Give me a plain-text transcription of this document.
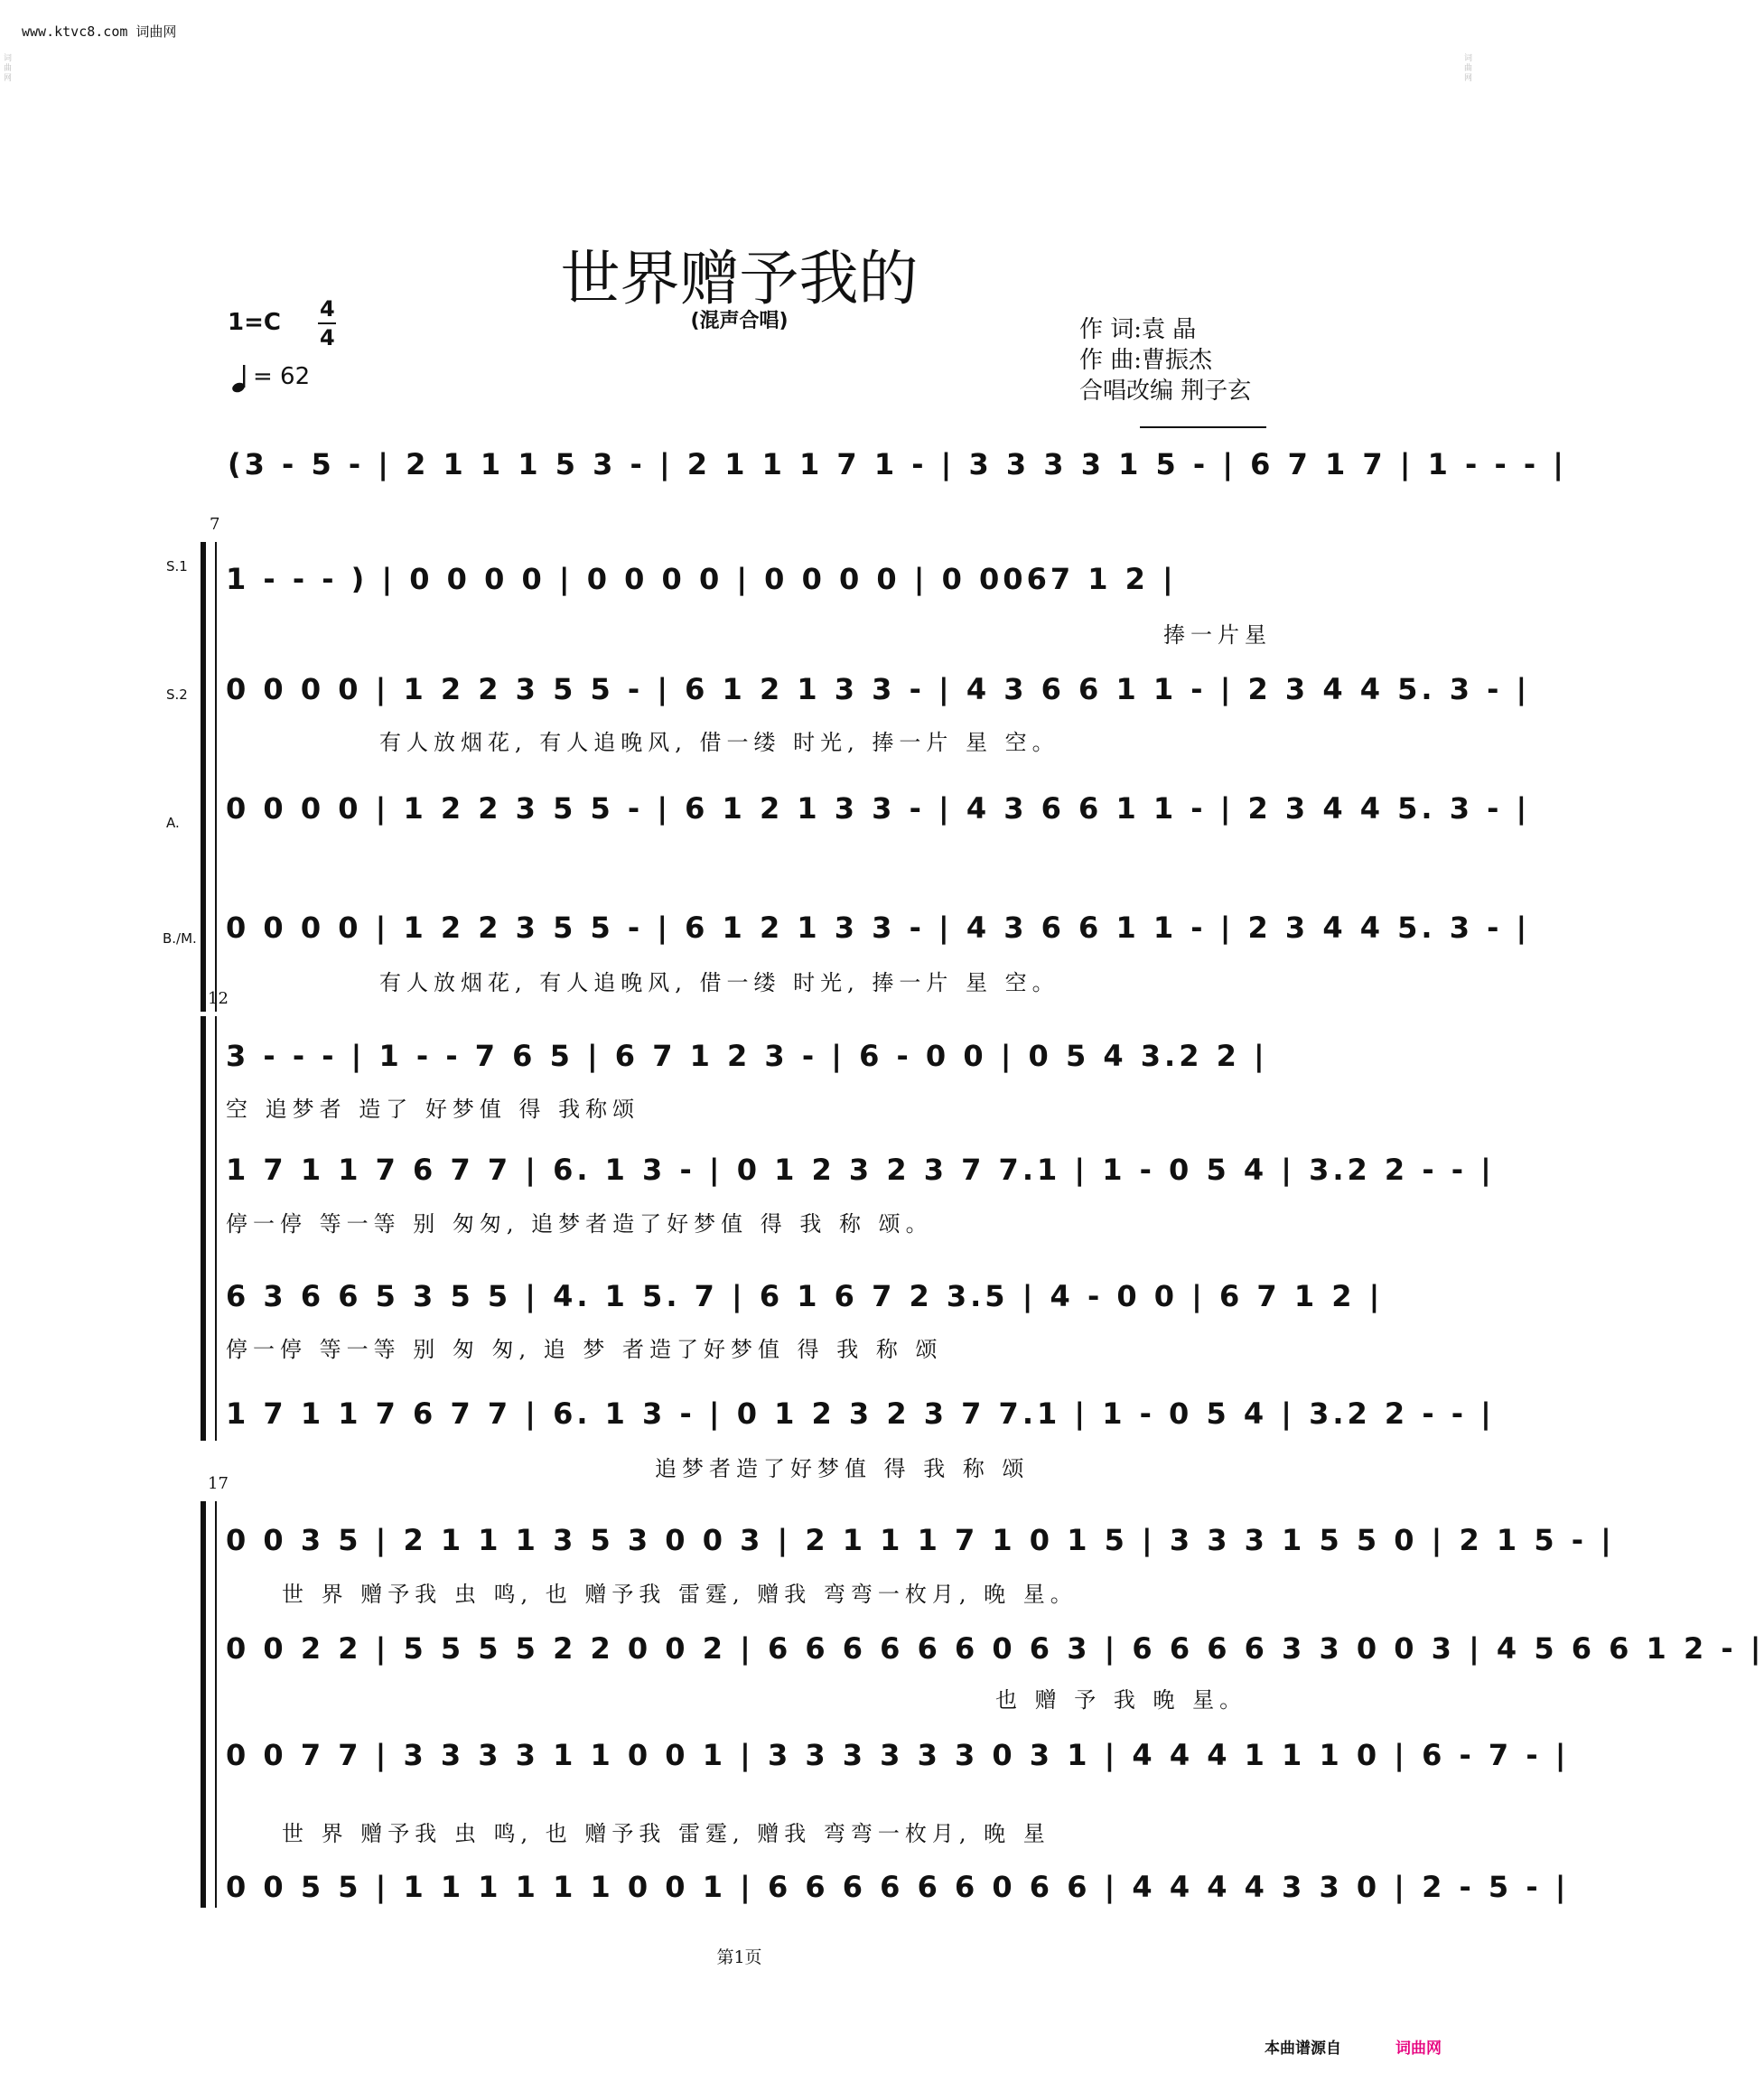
词曲网
词曲网
www.ktvc8.com 词曲网
世界赠予我的
(混声合唱)
1=C 4
4
= 62
作 词:袁 晶
作 曲:曹振杰
合唱改编 荆子玄
(3 - 5 - | 2 1 1 1 5 3 - | 2 1 1 1 7 1 - | 3 3 3 3 1 5 - | 6 7 1 7 | 1 - - - |
7
S.1
S.2
A.
B./M.
1 - - - ) | 0 0 0 0 | 0 0 0 0 | 0 0 0 0 | 0 0067 1 2 |
捧一片星
0 0 0 0 | 1 2 2 3 5 5 - | 6 1 2 1 3 3 - | 4 3 6 6 1 1 - | 2 3 4 4 5. 3 - |
有人放烟花, 有人追晚风, 借一缕 时光, 捧一片 星 空。
0 0 0 0 | 1 2 2 3 5 5 - | 6 1 2 1 3 3 - | 4 3 6 6 1 1 - | 2 3 4 4 5. 3 - |
0 0 0 0 | 1 2 2 3 5 5 - | 6 1 2 1 3 3 - | 4 3 6 6 1 1 - | 2 3 4 4 5. 3 - |
有人放烟花, 有人追晚风, 借一缕 时光, 捧一片 星 空。
12
3 - - - | 1 - - 7 6 5 | 6 7 1 2 3 - | 6 - 0 0 | 0 5 4 3.2 2 |
空 追梦者 造了 好梦值 得 我称颂
1 7 1 1 7 6 7 7 | 6. 1 3 - | 0 1 2 3 2 3 7 7.1 | 1 - 0 5 4 | 3.2 2 - - |
停一停 等一等 别 匆匆, 追梦者造了好梦值 得 我 称 颂。
6 3 6 6 5 3 5 5 | 4. 1 5. 7 | 6 1 6 7 2 3.5 | 4 - 0 0 | 6 7 1 2 |
停一停 等一等 别 匆 匆, 追 梦 者造了好梦值 得 我 称 颂
1 7 1 1 7 6 7 7 | 6. 1 3 - | 0 1 2 3 2 3 7 7.1 | 1 - 0 5 4 | 3.2 2 - - |
追梦者造了好梦值 得 我 称 颂
17
0 0 3 5 | 2 1 1 1 3 5 3 0 0 3 | 2 1 1 1 7 1 0 1 5 | 3 3 3 1 5 5 0 | 2 1 5 - |
世 界 赠予我 虫 鸣, 也 赠予我 雷霆, 赠我 弯弯一枚月, 晚 星。
0 0 2 2 | 5 5 5 5 2 2 0 0 2 | 6 6 6 6 6 6 0 6 3 | 6 6 6 6 3 3 0 0 3 | 4 5 6 6 1 2 - |
也 赠 予 我 晚 星。
0 0 7 7 | 3 3 3 3 1 1 0 0 1 | 3 3 3 3 3 3 0 3 1 | 4 4 4 1 1 1 0 | 6 - 7 - |
世 界 赠予我 虫 鸣, 也 赠予我 雷霆, 赠我 弯弯一枚月, 晚 星
0 0 5 5 | 1 1 1 1 1 1 0 0 1 | 6 6 6 6 6 6 0 6 6 | 4 4 4 4 3 3 0 | 2 - 5 - |
第1页
本曲谱源自	词曲网
